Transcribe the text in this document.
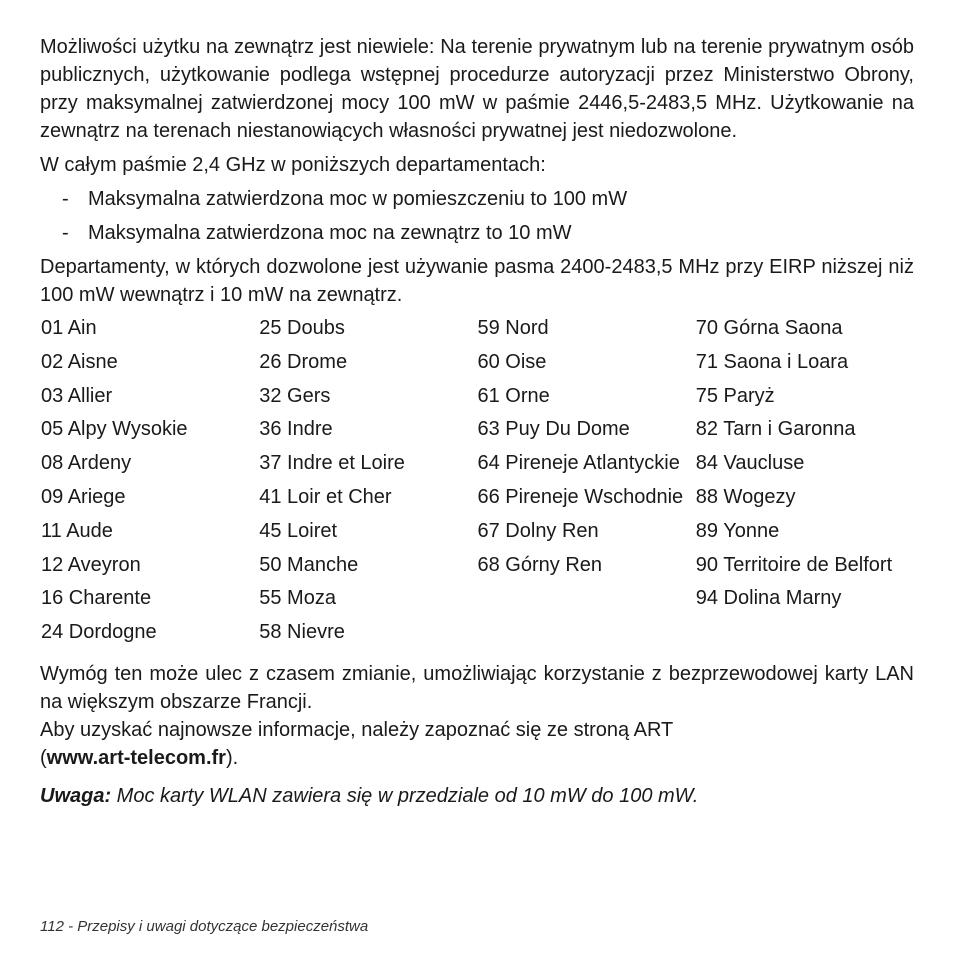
Możliwości użytku na zewnątrz jest niewiele: Na terenie prywatnym lub na terenie prywatnym osób publicznych, użytkowanie podlega wstępnej procedurze autoryzacji przez Ministerstwo Obrony, przy maksymalnej zatwierdzonej mocy 100 mW w paśmie 2446,5-2483,5 MHz. Użytkowanie na zewnątrz na terenach niestanowiących własności prywatnej jest niedozwolone.

W całym paśmie 2,4 GHz w poniższych departamentach:

- Maksymalna zatwierdzona moc w pomieszczeniu to 100 mW
- Maksymalna zatwierdzona moc na zewnątrz to 10 mW

Departamenty, w których dozwolone jest używanie pasma 2400-2483,5 MHz przy EIRP niższej niż 100 mW wewnątrz i 10 mW na zewnątrz.

01 Ain
02 Aisne
03 Allier
05 Alpy Wysokie
08 Ardeny
09 Ariege
11 Aude
12 Aveyron
16 Charente
24 Dordogne
25 Doubs
26 Drome
32 Gers
36 Indre
37 Indre et Loire
41 Loir et Cher
45 Loiret
50 Manche
55 Moza
58 Nievre
59 Nord
60 Oise
61 Orne
63 Puy Du Dome
64 Pireneje Atlantyckie
66 Pireneje Wschodnie
67 Dolny Ren
68 Górny Ren
70 Górna Saona
71 Saona i Loara
75 Paryż
82 Tarn i Garonna
84 Vaucluse
88 Wogezy
89 Yonne
90 Territoire de Belfort
94 Dolina Marny

Wymóg ten może ulec z czasem zmianie, umożliwiając korzystanie z bezprzewodowej karty LAN na większym obszarze Francji.

Aby uzyskać najnowsze informacje, należy zapoznać się ze stroną ART

(www.art-telecom.fr).

Uwaga: Moc karty WLAN zawiera się w przedziale od 10 mW do 100 mW.

112 - Przepisy i uwagi dotyczące bezpieczeństwa
